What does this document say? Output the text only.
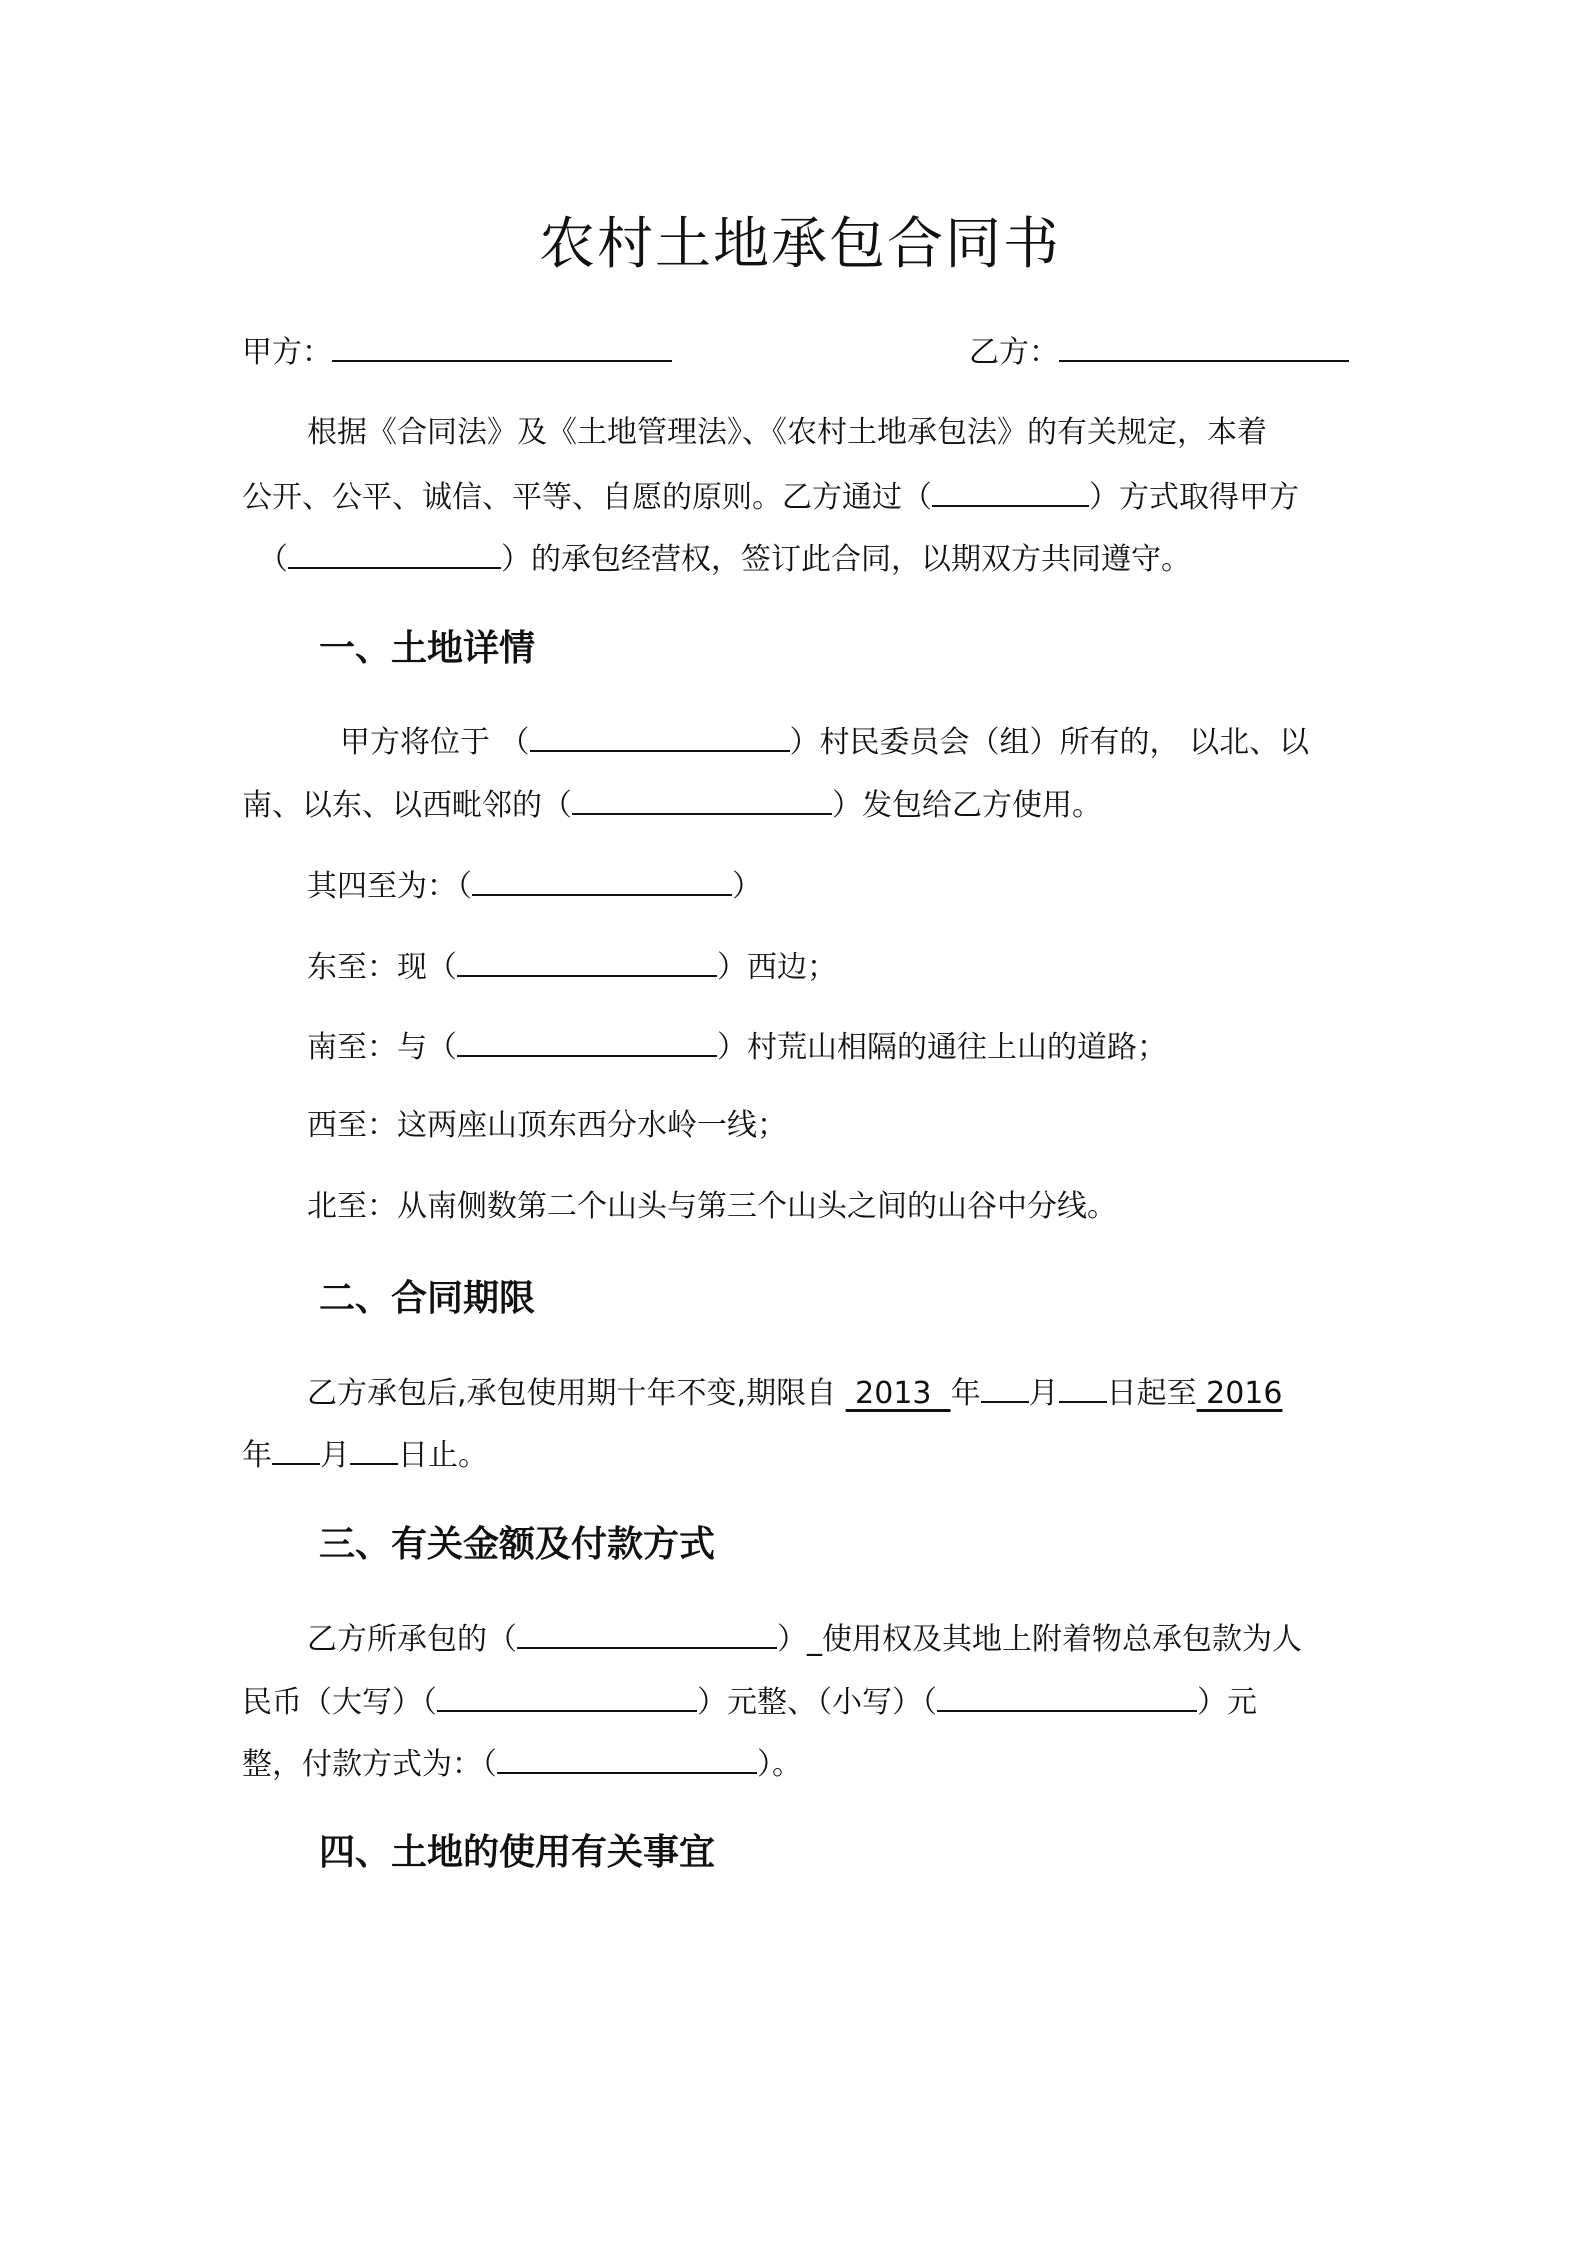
农村土地承包合同书
甲方：	乙方：
根据《合同法》及《土地管理法》、《农村土地承包法》的有关规定，本着
公开、公平、诚信、平等、自愿的原则。乙方通过（	）方式取得甲方
（	）的承包经营权，签订此合同，以期双方共同遵守。
一、土地详情
甲方将位于 （	）村民委员会（组）所有的， 以北、以
南、以东、以西毗邻的（	）发包给乙方使用。
其四至为：（	）
东至：现（	）西边；
南至：与（	）村荒山相隔的通往上山的道路；
西至：这两座山顶东西分水岭一线；
北至：从南侧数第二个山头与第三个山头之间的山谷中分线。
二、合同期限
乙方承包后,承包使用期十年不变,期限自  2013  年 月 日起至 2016
年 月 日止。
三、有关金额及付款方式
乙方所承包的（	）_使用权及其地上附着物总承包款为人
民币（大写）（	）元整、（小写）（	）元
整，付款方式为：（	）。
四、土地的使用有关事宜
